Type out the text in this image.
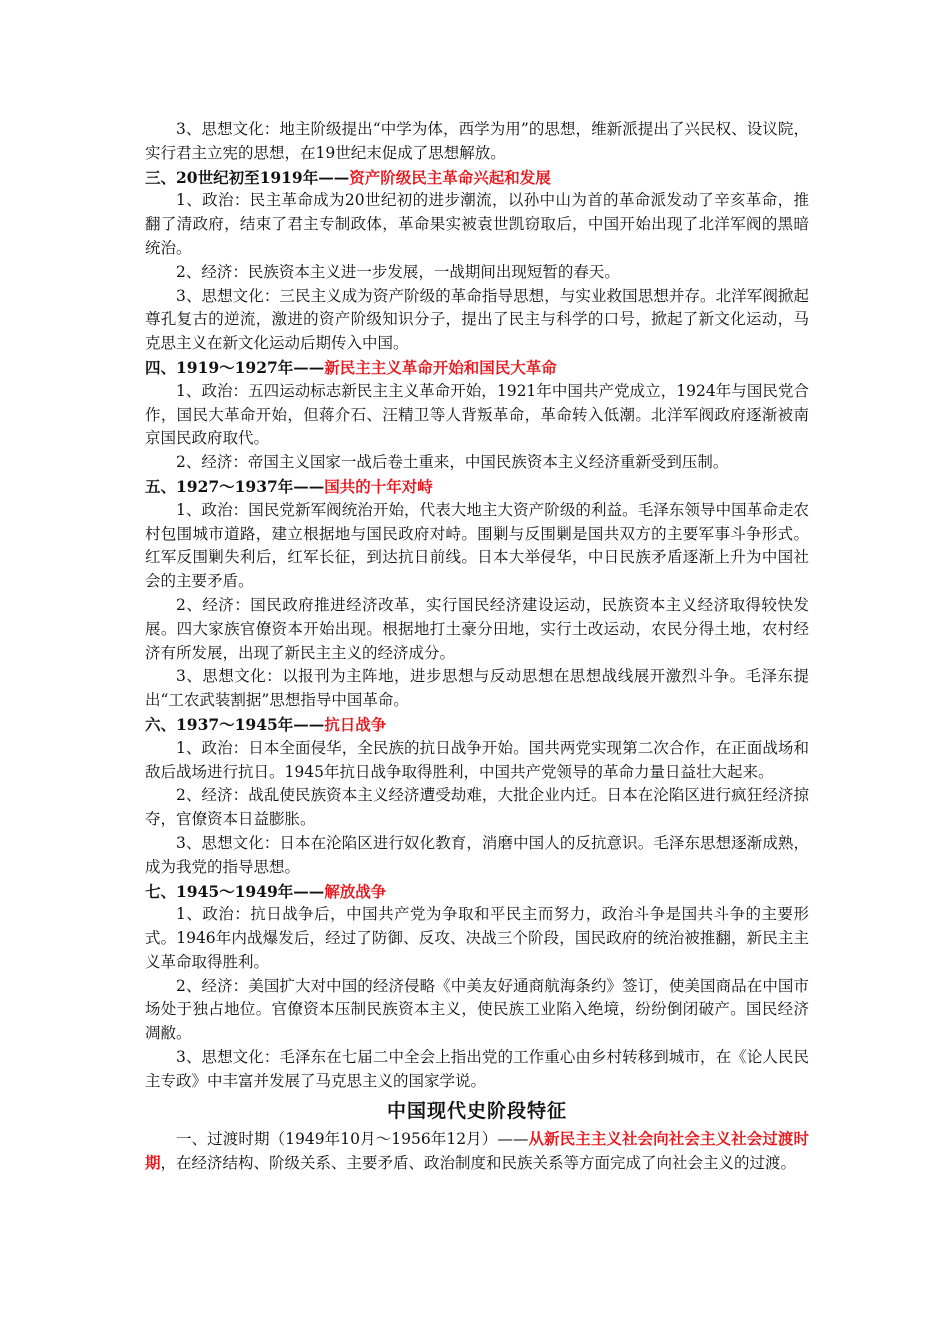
3、思想文化：地主阶级提出“中学为体，西学为用”的思想，维新派提出了兴民权、设议院，实行君主立宪的思想，在19世纪末促成了思想解放。

三、20世纪初至1919年——资产阶级民主革命兴起和发展

1、政治：民主革命成为20世纪初的进步潮流，以孙中山为首的革命派发动了辛亥革命，推翻了清政府，结束了君主专制政体，革命果实被袁世凯窃取后，中国开始出现了北洋军阀的黑暗统治。

2、经济：民族资本主义进一步发展，一战期间出现短暂的春天。

3、思想文化：三民主义成为资产阶级的革命指导思想，与实业救国思想并存。北洋军阀掀起尊孔复古的逆流，激进的资产阶级知识分子，提出了民主与科学的口号，掀起了新文化运动，马克思主义在新文化运动后期传入中国。

四、1919～1927年——新民主主义革命开始和国民大革命

1、政治：五四运动标志新民主主义革命开始，1921年中国共产党成立，1924年与国民党合作，国民大革命开始，但蒋介石、汪精卫等人背叛革命，革命转入低潮。北洋军阀政府逐渐被南京国民政府取代。

2、经济：帝国主义国家一战后卷土重来，中国民族资本主义经济重新受到压制。

五、1927～1937年——国共的十年对峙

1、政治：国民党新军阀统治开始，代表大地主大资产阶级的利益。毛泽东领导中国革命走农村包围城市道路，建立根据地与国民政府对峙。围剿与反围剿是国共双方的主要军事斗争形式。红军反围剿失利后，红军长征，到达抗日前线。日本大举侵华，中日民族矛盾逐渐上升为中国社会的主要矛盾。

2、经济：国民政府推进经济改革，实行国民经济建设运动，民族资本主义经济取得较快发展。四大家族官僚资本开始出现。根据地打土豪分田地，实行土改运动，农民分得土地，农村经济有所发展，出现了新民主主义的经济成分。

3、思想文化：以报刊为主阵地，进步思想与反动思想在思想战线展开激烈斗争。毛泽东提出“工农武装割据”思想指导中国革命。

六、1937～1945年——抗日战争

1、政治：日本全面侵华，全民族的抗日战争开始。国共两党实现第二次合作，在正面战场和敌后战场进行抗日。1945年抗日战争取得胜利，中国共产党领导的革命力量日益壮大起来。

2、经济：战乱使民族资本主义经济遭受劫难，大批企业内迁。日本在沦陷区进行疯狂经济掠夺，官僚资本日益膨胀。

3、思想文化：日本在沦陷区进行奴化教育，消磨中国人的反抗意识。毛泽东思想逐渐成熟，成为我党的指导思想。

七、1945～1949年——解放战争

1、政治：抗日战争后，中国共产党为争取和平民主而努力，政治斗争是国共斗争的主要形式。1946年内战爆发后，经过了防御、反攻、决战三个阶段，国民政府的统治被推翻，新民主主义革命取得胜利。

2、经济：美国扩大对中国的经济侵略《中美友好通商航海条约》签订，使美国商品在中国市场处于独占地位。官僚资本压制民族资本主义，使民族工业陷入绝境，纷纷倒闭破产。国民经济凋敝。

3、思想文化：毛泽东在七届二中全会上指出党的工作重心由乡村转移到城市，在《论人民民主专政》中丰富并发展了马克思主义的国家学说。

中国现代史阶段特征

一、过渡时期（1949年10月～1956年12月）——从新民主主义社会向社会主义社会过渡时期，在经济结构、阶级关系、主要矛盾、政治制度和民族关系等方面完成了向社会主义的过渡。
